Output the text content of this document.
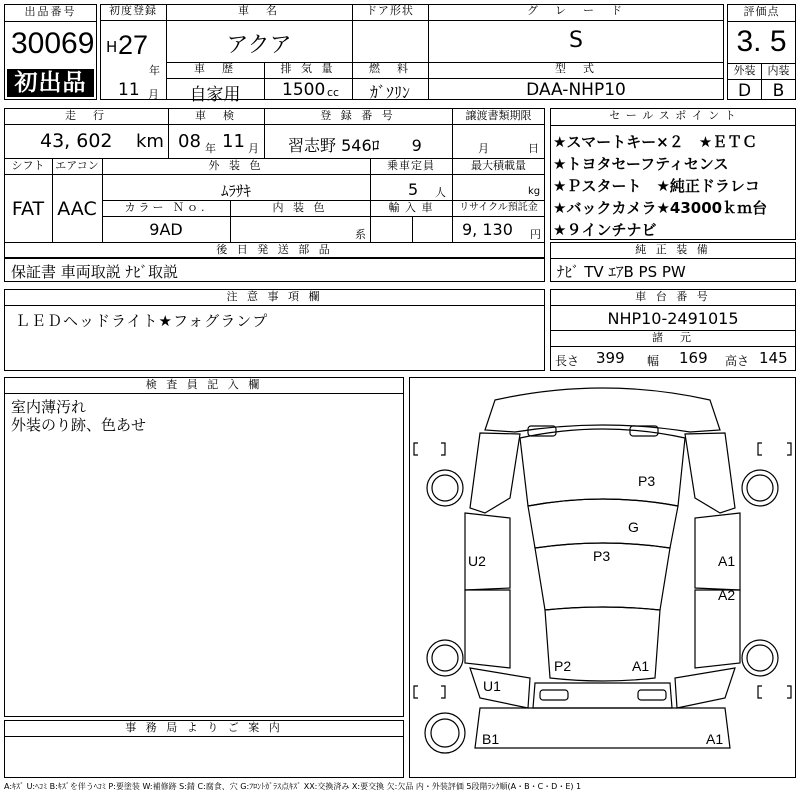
出品番号
30069
初出品
初度登録
H 27
年
11 月
車　名
アクア
ドア形状	グ　レ　ー　ド
S
車　歴
自家用
排 気 量
1500 cc
燃　料
ｶﾞｿﾘﾝ
型　式
DAA-NHP10
評価点
3. 5
外装	内装
D	B
走　行
43, 602 km
車　検
08 年 11 月
登 録 番 号
習志野 546ﾛ　　9
譲渡書類期限
月	日
シフト
FAT
エアコン
AAC
外 装 色
ﾑﾗｻｷ
乗車定員
5 人
最大積載量
kg
カラー Ｎｏ.
9AD
内 装 色
系
輸 入 車	リサイクル預託金
9, 130 円
後 日 発 送 部 品
保証書 車両取説 ﾅﾋﾞ取説
セ ー ル ス ポ イ ン ト
★スマートキー×２　★ＥＴＣ
★トヨタセーフティセンス
★Ｐスタート　★純正ドラレコ
★バックカメラ★43000ｋｍ台
★９インチナビ
純 正 装 備
ﾅﾋﾞ TV ｴｱB PS PW
注 意 事 項 欄
ＬＥＤヘッドライト★フォグランプ
車 台 番 号
NHP10-2491015
諸　元
長さ 399 幅 169 高さ 145
検 査 員 記 入 欄
室内薄汚れ
外装のり跡、色あせ
事 務 局 よ り ご 案 内
P3
G
P3
U2	A1
A2
P2	A1
U1
B1	A1
A:ｷｽﾞ U:ﾍｺﾐ B:ｷｽﾞを伴うﾍｺﾐ P:要塗装 W:補修跡 S:錆 C:腐食、穴 G:ﾌﾛﾝﾄｶﾞﾗｽ点ｷｽﾞ XX:交換済み X:要交換 欠:欠品 内・外装評価 5段階ﾗﾝｸ順(A・B・C・D・E) 1
